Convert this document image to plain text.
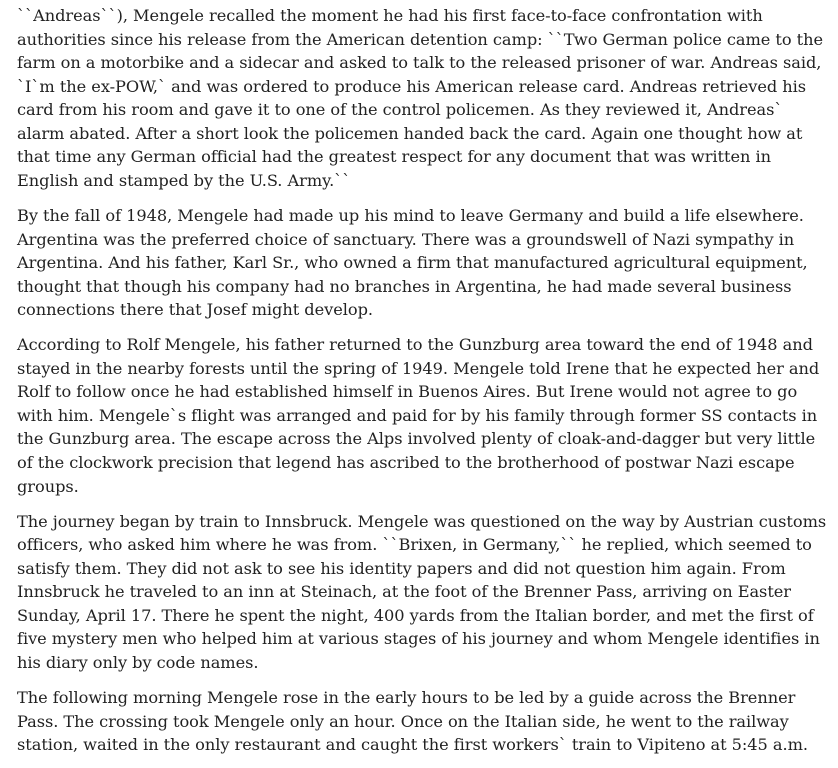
``Andreas``), Mengele recalled the moment he had his first face-to-face confrontation with authorities since his release from the American detention camp: ``Two German police came to the farm on a motorbike and a sidecar and asked to talk to the released prisoner of war. Andreas said, `I`m the ex-POW,` and was ordered to produce his American release card. Andreas retrieved his card from his room and gave it to one of the control policemen. As they reviewed it, Andreas` alarm abated. After a short look the policemen handed back the card. Again one thought how at that time any German official had the greatest respect for any document that was written in English and stamped by the U.S. Army.``

By the fall of 1948, Mengele had made up his mind to leave Germany and build a life elsewhere. Argentina was the preferred choice of sanctuary. There was a groundswell of Nazi sympathy in Argentina. And his father, Karl Sr., who owned a firm that manufactured agricultural equipment, thought that though his company had no branches in Argentina, he had made several business connections there that Josef might develop.

According to Rolf Mengele, his father returned to the Gunzburg area toward the end of 1948 and stayed in the nearby forests until the spring of 1949. Mengele told Irene that he expected her and Rolf to follow once he had established himself in Buenos Aires. But Irene would not agree to go with him. Mengele`s flight was arranged and paid for by his family through former SS contacts in the Gunzburg area. The escape across the Alps involved plenty of cloak-and-dagger but very little of the clockwork precision that legend has ascribed to the brotherhood of postwar Nazi escape groups.

The journey began by train to Innsbruck. Mengele was questioned on the way by Austrian customs officers, who asked him where he was from. ``Brixen, in Germany,`` he replied, which seemed to satisfy them. They did not ask to see his identity papers and did not question him again. From Innsbruck he traveled to an inn at Steinach, at the foot of the Brenner Pass, arriving on Easter Sunday, April 17. There he spent the night, 400 yards from the Italian border, and met the first of five mystery men who helped him at various stages of his journey and whom Mengele identifies in his diary only by code names.

The following morning Mengele rose in the early hours to be led by a guide across the Brenner Pass. The crossing took Mengele only an hour. Once on the Italian side, he went to the railway station, waited in the only restaurant and caught the first workers` train to Vipiteno at 5:45 a.m.
